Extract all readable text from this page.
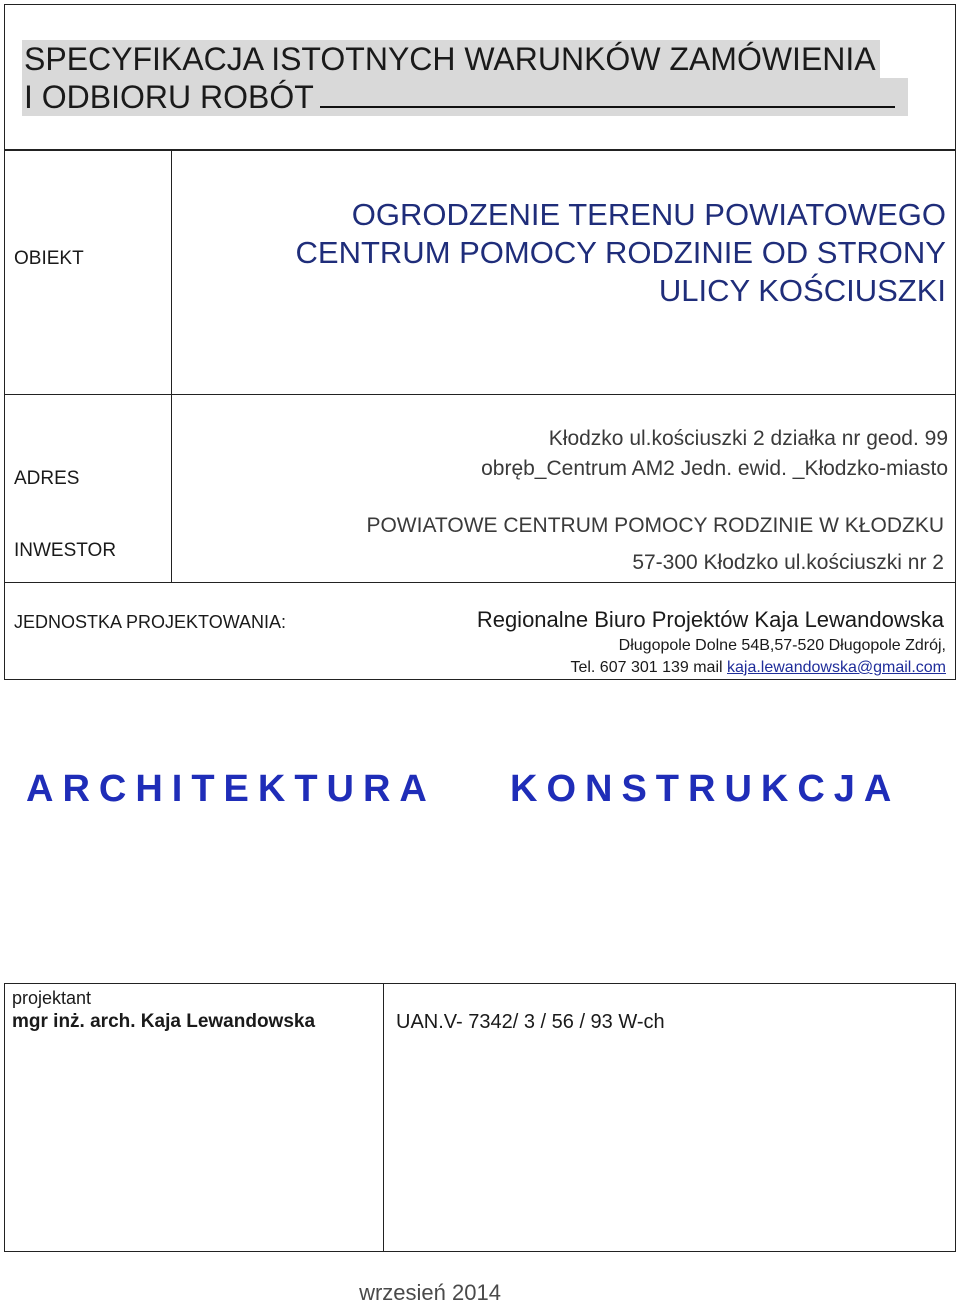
SPECYFIKACJA ISTOTNYCH WARUNKÓW ZAMÓWIENIA
I ODBIORU ROBÓT
OBIEKT
OGRODZENIE TERENU POWIATOWEGO
CENTRUM POMOCY RODZINIE OD STRONY
ULICY KOŚCIUSZKI
ADRES
Kłodzko ul.kościuszki 2 działka nr geod. 99
obręb_Centrum AM2 Jedn. ewid. _Kłodzko-miasto
INWESTOR
POWIATOWE CENTRUM POMOCY RODZINIE W KŁODZKU
57-300 Kłodzko ul.kościuszki nr 2
JEDNOSTKA PROJEKTOWANIA:	Regionalne Biuro Projektów Kaja Lewandowska
Długopole Dolne 54B,57-520 Długopole Zdrój,
Tel. 607 301 139 mail kaja.lewandowska@gmail.com
ARCHITEKTURA KONSTRUKCJA
projektant
mgr inż. arch. Kaja Lewandowska	UAN.V- 7342/ 3 / 56 / 93 W-ch
wrzesień 2014
